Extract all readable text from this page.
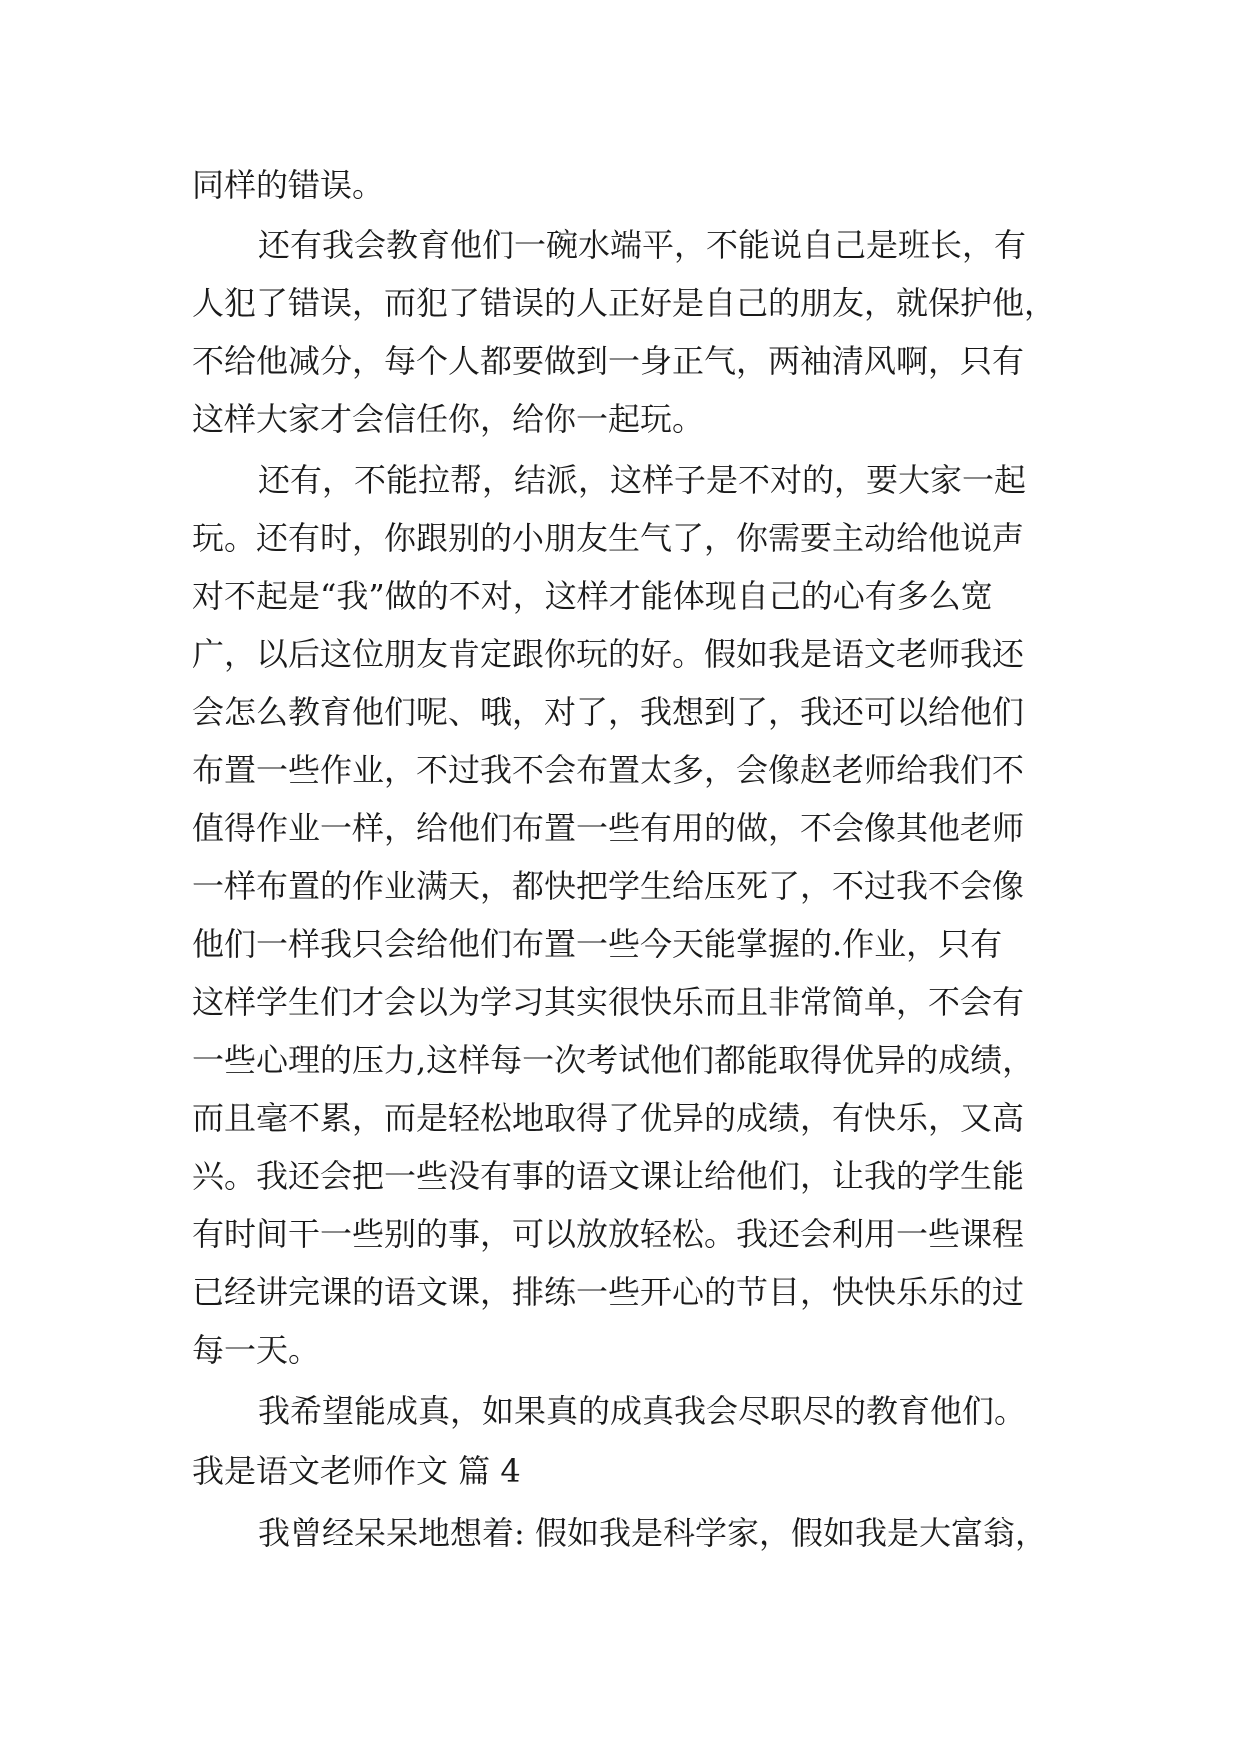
同样的错误。
还有我会教育他们一碗水端平，不能说自己是班长，有
人犯了错误，而犯了错误的人正好是自己的朋友，就保护他，
不给他减分，每个人都要做到一身正气，两袖清风啊，只有
这样大家才会信任你，给你一起玩。
还有，不能拉帮，结派，这样子是不对的，要大家一起
玩。还有时，你跟别的小朋友生气了，你需要主动给他说声
对不起是“我”做的不对，这样才能体现自己的心有多么宽
广，以后这位朋友肯定跟你玩的好。假如我是语文老师我还
会怎么教育他们呢、哦，对了，我想到了，我还可以给他们
布置一些作业，不过我不会布置太多，会像赵老师给我们不
值得作业一样，给他们布置一些有用的做，不会像其他老师
一样布置的作业满天，都快把学生给压死了，不过我不会像
他们一样我只会给他们布置一些今天能掌握的.作业，只有
这样学生们才会以为学习其实很快乐而且非常简单，不会有
一些心理的压力,这样每一次考试他们都能取得优异的成绩，
而且毫不累，而是轻松地取得了优异的成绩，有快乐，又高
兴。我还会把一些没有事的语文课让给他们，让我的学生能
有时间干一些别的事，可以放放轻松。我还会利用一些课程
已经讲完课的语文课，排练一些开心的节目，快快乐乐的过
每一天。
我希望能成真，如果真的成真我会尽职尽的教育他们。
我是语文老师作文 篇 4
我曾经呆呆地想着: 假如我是科学家，假如我是大富翁，
